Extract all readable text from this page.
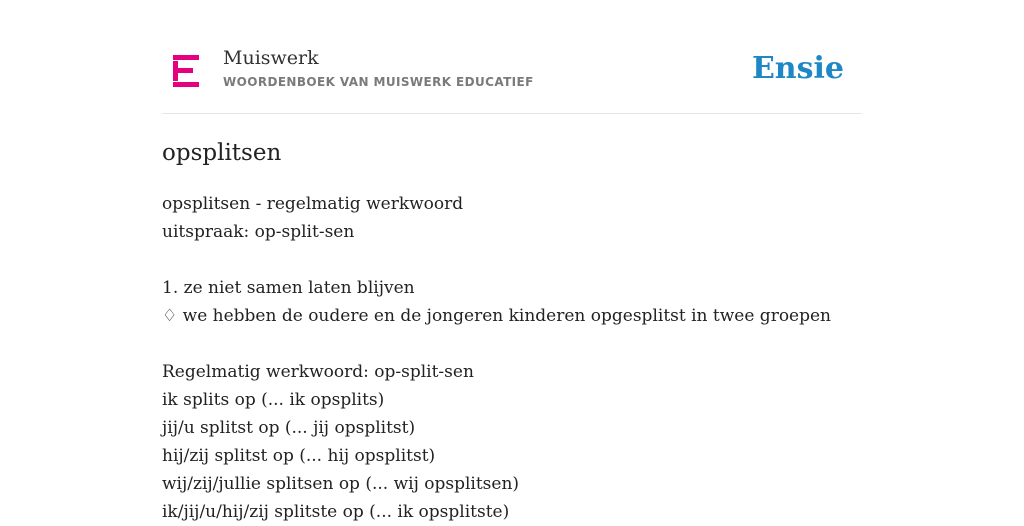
Muiswerk
WOORDENBOEK VAN MUISWERK EDUCATIEF	Ensie
opsplitsen
opsplitsen - regelmatig werkwoord
uitspraak: op-split-sen
1. ze niet samen laten blijven
♢ we hebben de oudere en de jongeren kinderen opgesplitst in twee groepen
Regelmatig werkwoord: op-split-sen
ik splits op (... ik opsplits)
jij/u splitst op (... jij opsplitst)
hij/zij splitst op (... hij opsplitst)
wij/zij/jullie splitsen op (... wij opsplitsen)
ik/jij/u/hij/zij splitste op (... ik opsplitste)
